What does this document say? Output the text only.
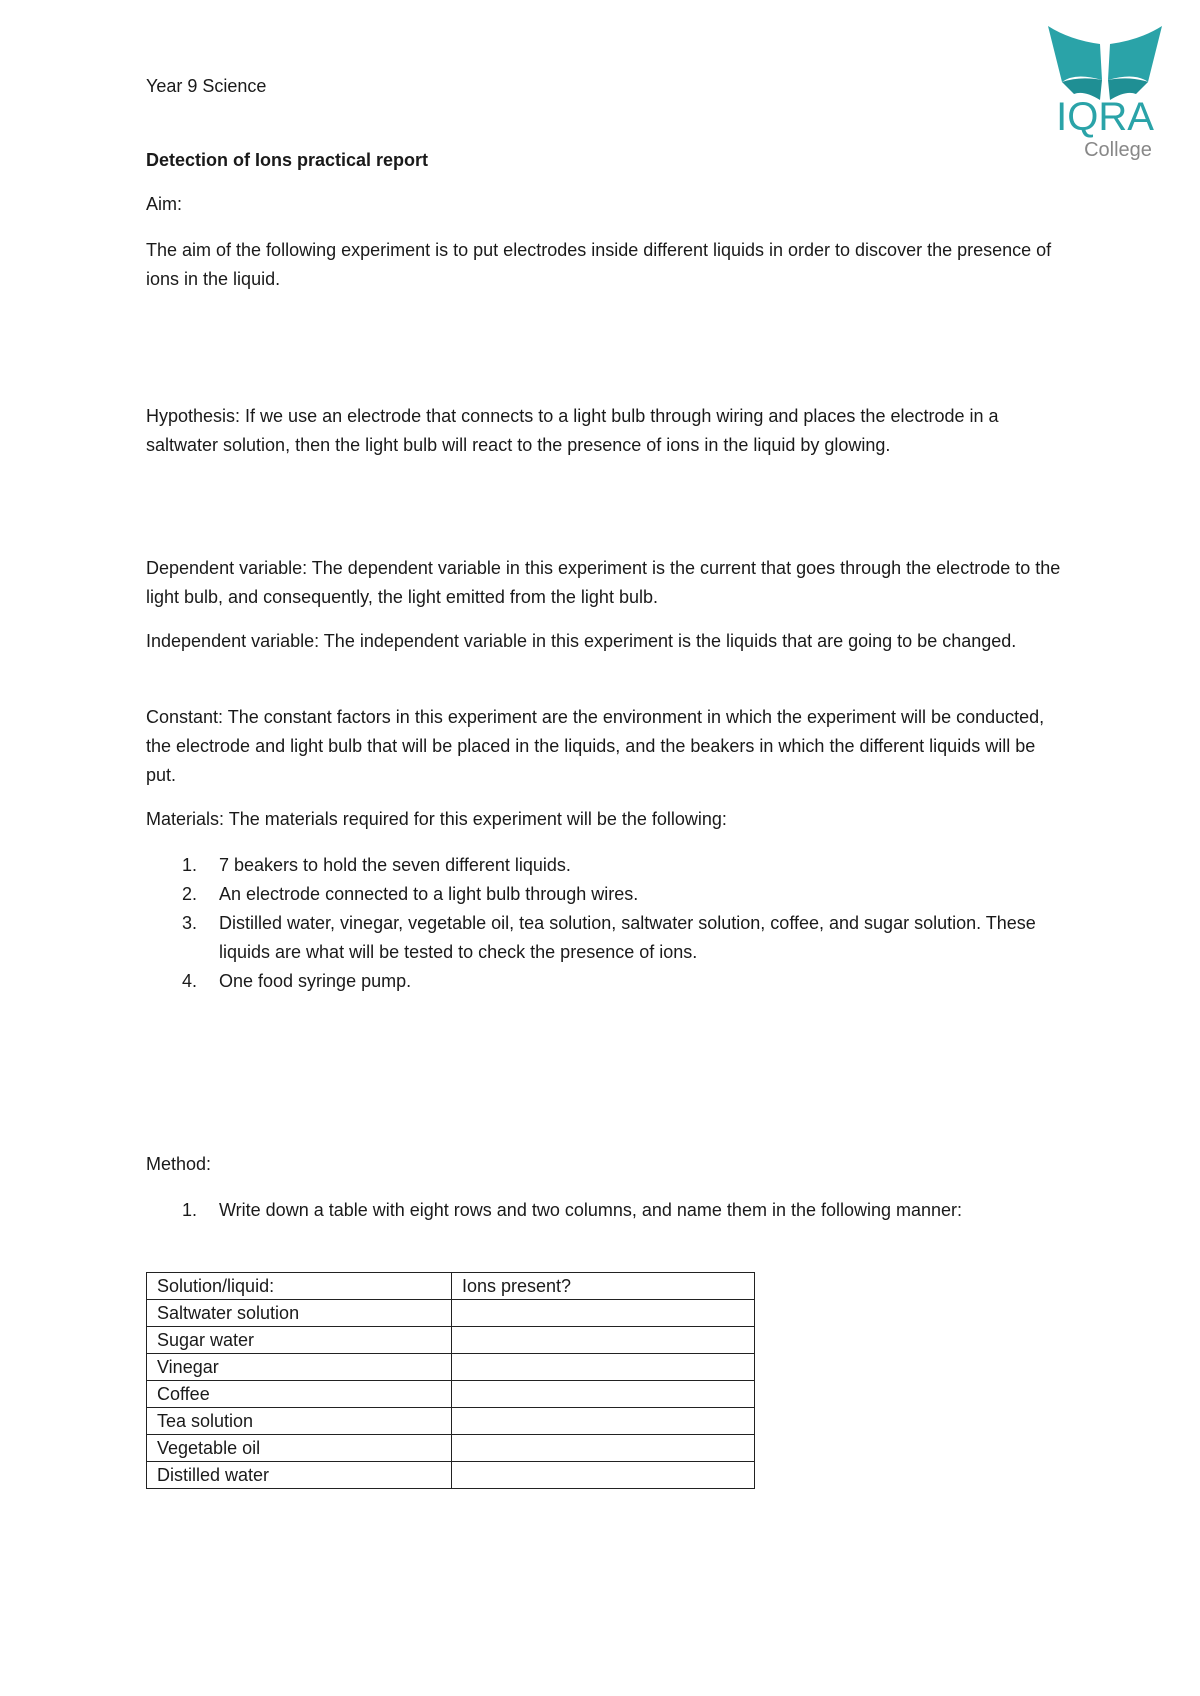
Year 9 Science
IQRA
College
Detection of Ions practical report
Aim:
The aim of the following experiment is to put electrodes inside different liquids in order to discover the presence of ions in the liquid.
Hypothesis: If we use an electrode that connects to a light bulb through wiring and places the electrode in a saltwater solution, then the light bulb will react to the presence of ions in the liquid by glowing.
Dependent variable: The dependent variable in this experiment is the current that goes through the electrode to the light bulb, and consequently, the light emitted from the light bulb.
Independent variable: The independent variable in this experiment is the liquids that are going to be changed.
Constant: The constant factors in this experiment are the environment in which the experiment will be conducted, the electrode and light bulb that will be placed in the liquids, and the beakers in which the different liquids will be put.
Materials: The materials required for this experiment will be the following:
1. 7 beakers to hold the seven different liquids.
2. An electrode connected to a light bulb through wires.
3. Distilled water, vinegar, vegetable oil, tea solution, saltwater solution, coffee, and sugar solution. These liquids are what will be tested to check the presence of ions.
4. One food syringe pump.
Method:
1. Write down a table with eight rows and two columns, and name them in the following manner:
Solution/liquid:	Ions present?
Saltwater solution	
Sugar water	
Vinegar	
Coffee	
Tea solution	
Vegetable oil	
Distilled water	
